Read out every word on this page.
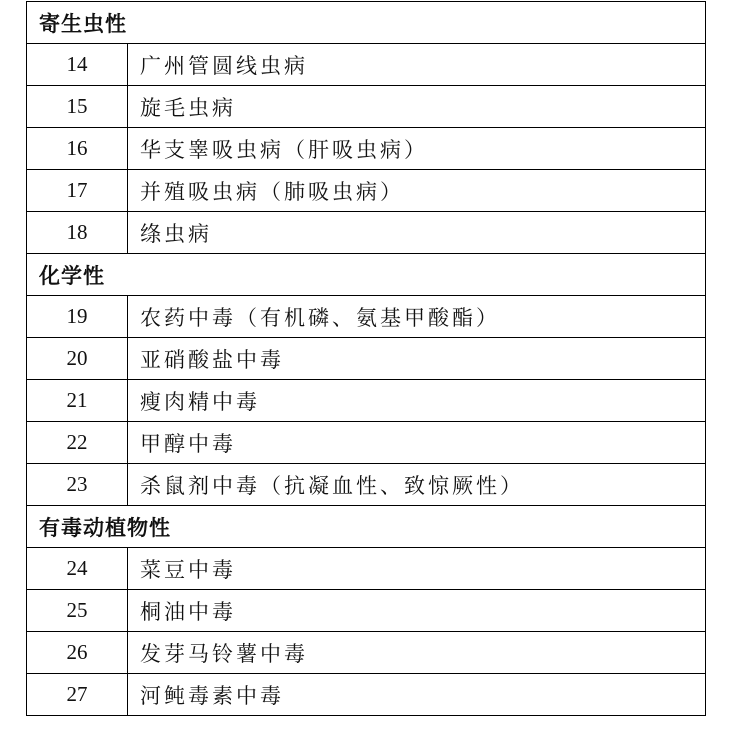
寄生虫性	
14	广州管圆线虫病
15	旋毛虫病
16	华支睾吸虫病（肝吸虫病）
17	并殖吸虫病（肺吸虫病）
18	绦虫病
化学性	
19	农药中毒（有机磷、氨基甲酸酯）
20	亚硝酸盐中毒
21	瘦肉精中毒
22	甲醇中毒
23	杀鼠剂中毒（抗凝血性、致惊厥性）
有毒动植物性	
24	菜豆中毒
25	桐油中毒
26	发芽马铃薯中毒
27	河鲀毒素中毒
